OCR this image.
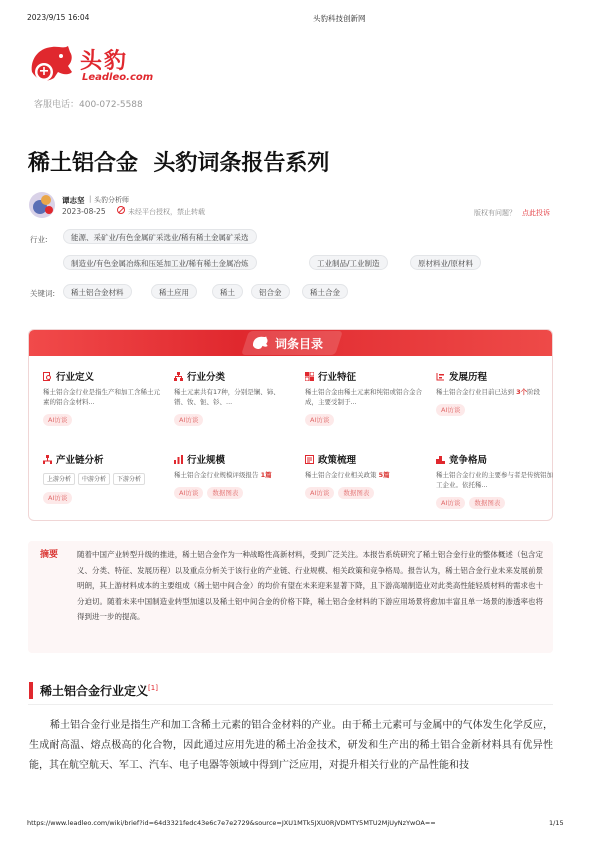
2023/9/15 16:04	头豹科技创新网
头豹
Leadleo.com
客服电话：400-072-5588
稀土铝合金  头豹词条报告系列
谭志坚 | 头豹分析师
2023-08-25	未经平台授权，禁止转载	版权有问题？ 点此投诉
行业:	能源、采矿业/有色金属矿采选业/稀有稀土金属矿采选
制造业/有色金属冶炼和压延加工业/稀有稀土金属冶炼	工业制品/工业制造	原材料业/原材料
关键词:	稀土铝合金材料	稀土应用	稀土	铝合金	稀土合金
词条目录
行业定义
稀土铝合金行业是指生产和加工含稀土元素的铝合金材料...
AI访谈
行业分类
稀土元素共有17种，分别是镧、铈、镨、钕、钷、钐、...
AI访谈
行业特征
稀土铝合金由稀土元素和纯铝或铝合金合成，主要受制于...
AI访谈
发展历程
稀土铝合金行业目前已达到 3个阶段
AI访谈
产业链分析
上游分析 中游分析 下游分析
AI访谈
行业规模
稀土铝合金行业规模评级报告 1篇
AI访谈 数据图表
政策梳理
稀土铝合金行业相关政策 5篇
AI访谈 数据图表
竞争格局
稀土铝合金行业的主要参与者是传统铝加工企业。依托稀...
AI访谈 数据图表
摘要	随着中国产业转型升级的推进，稀土铝合金作为一种战略性高新材料，受到广泛关注。本报告系统研究了稀土铝合金行业的整体概述（包含定义、分类、特征、发展历程）以及重点分析关于该行业的产业链、行业规模、相关政策和竞争格局。报告认为，稀土铝合金行业未来发展前景明朗，其上游材料成本的主要组成（稀土铝中间合金）的均价有望在未来迎来显著下降，且下游高端制造业对此类高性能轻质材料的需求也十分迫切。随着未来中国制造业转型加速以及稀土铝中间合金的价格下降，稀土铝合金材料的下游应用场景将愈加丰富且单一场景的渗透率也将得到进一步的提高。
稀土铝合金行业定义[1]
稀土铝合金行业是指生产和加工含稀土元素的铝合金材料的产业。由于稀土元素可与金属中的气体发生化学反应，生成耐高温、熔点极高的化合物，因此通过应用先进的稀土冶金技术，研发和生产出的稀土铝合金新材料具有优异性能，其在航空航天、军工、汽车、电子电器等领域中得到广泛应用，对提升相关行业的产品性能和技
https://www.leadleo.com/wiki/brief?id=64d3321fedc43e6c7e7e2729&source=JXU1MTk5JXU0RjVDMTY5MTU2MjUyNzYwOA==	1/15
